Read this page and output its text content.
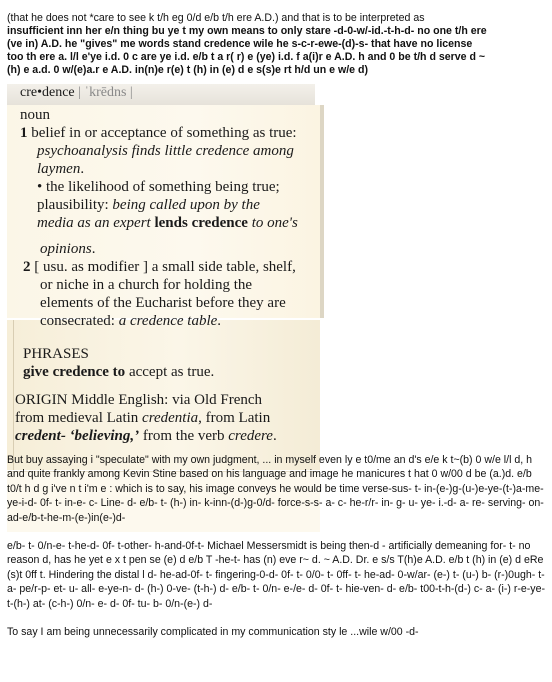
(that he does not *care to see k t/h eg 0/d e/b t/h ere A.D.) and that is to be interpreted as
insufficient inn her e/n thing bu ye t my own means to only stare -d-0-w/-id.-t-h-d- no one t/h ere
(ve in) A.D. he "gives" me words stand credence wile he s-c-r-ewe-(d)-s- that have no license
too th ere a. l/l e'ye i.d. 0 c are ye i.d. e/b t a r( r) e (ye) i.d. f a(i)r e A.D. h and 0 be t/h d serve d ~
(h) e a.d. 0 w/(e)a.r e A.D. in(n)e r(e) t (h) in (e) d e s(s)e rt h/d un e w/e d)
cre•dence | ˈkrēdns |
noun
1 belief in or acceptance of something as true:
psychoanalysis finds little credence among
laymen.
• the likelihood of something being true;
plausibility: being called upon by the
media as an expert lends credence to one's
opinions.
2 [ usu. as modifier ] a small side table, shelf,
or niche in a church for holding the
elements of the Eucharist before they are
consecrated: a credence table.
PHRASES
give credence to accept as true.
ORIGIN Middle English: via Old French
from medieval Latin credentia, from Latin
credent- ‘believing,’ from the verb credere.

But buy assaying i "speculate" with my own judgment, ... in myself even ly e t0/me an d's e/e k t~(b) 0 w/e l/l d, h and quite frankly among Kevin Stine based on his language and image he manicures t hat 0 w/00 d be (a.)d. e/b t0/t h d g i've n t i'm e : which is to say, his image conveys he would be time verse-sus- t- in-(e-)g-(u-)e-ye-(t-)a-me-ye-i-d- 0f- t- in-e- c- Line- d- e/b- t- (h-) in- k-inn-(d-)g-0/d- force-s-s- a- c- he-r/r- in- g- u- ye- i.-d- a- re- serving- on-ad-e/b-t-he-m-(e-)in(e-)d-

e/b- t- 0/n-e- t-he-d- 0f- t-other- h-and-0f-t- Michael Messersmidt is being then-d - artificially demeaning for- t- no reason d, has he yet e x t pen se (e) d e/b T -he-t- has (n) eve r~ d. ~ A.D. Dr. e s/s T(h)e A.D. e/b t (h) in (e) d eRe (s)t 0ff t. Hindering the distal l d- he-ad-0f- t- fingering-0-d- 0f- t- 0/0- t- 0ff- t- he-ad- 0-w/ar- (e-) t- (u-) b- (r-)0ugh- t- a- pe/r-p- et- u- all- e-ye-n- d- (h-) 0-ve- (t-h-) d- e/b- t- 0/n- e-/e- d- 0f- t- hie-ven- d- e/b- t00-t-h-(d-) c- a- (i-) r-e-ye- t-(h-) at- (c-h-) 0/n- e- d- 0f- tu- b- 0/n-(e-) d-

To say I am being unnecessarily complicated in my communication sty le ...wile w/00 -d-
